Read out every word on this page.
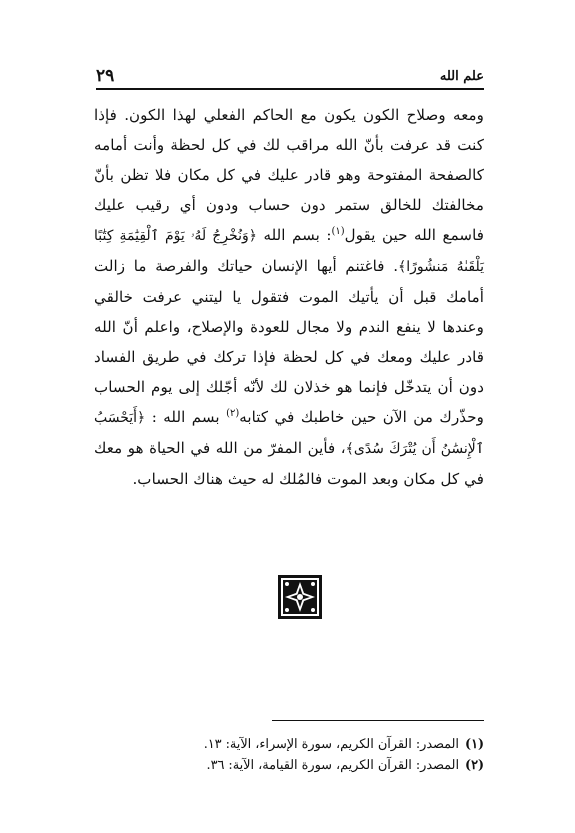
علم الله
٢٩
ومعه وصلاح الكون يكون مع الحاكم الفعلي لهذا الكون. فإذا كنت قد عرفت بأنّ الله مراقب لك في كل لحظة وأنت أمامه كالصفحة المفتوحة وهو قادر عليك في كل مكان فلا تظن بأنّ مخالفتك للخالق ستمر دون حساب ودون أي رقيب عليك فاسمع الله حين يقول$^{(١)}$: بسم الله ﴿وَنُخْرِجُ لَهُۥ يَوْمَ ٱلْقِيَٰمَةِ كِتَٰبًا يَلْقَىٰهُ مَنشُورًا﴾. فاغتنم أيها الإنسان حياتك والفرصة ما زالت أمامك قبل أن يأتيك الموت فتقول يا ليتني عرفت خالقي وعندها لا ينفع الندم ولا مجال للعودة والإصلاح، واعلم أنّ الله قادر عليك ومعك في كل لحظة فإذا تركك في طريق الفساد دون أن يتدخّل فإنما هو خذلان لك لأنّه أجّلك إلى يوم الحساب وحذّرك من الآن حين خاطبك في كتابه$^{(٢)}$ بسم الله : ﴿أَيَحْسَبُ ٱلْإِنسَٰنُ أَن يُتْرَكَ سُدًى﴾، فأين المفرّ من الله في الحياة هو معك في كل مكان وبعد الموت فالمُلك له حيث هناك الحساب.
(١)
المصدر: القرآن الكريم، سورة الإسراء، الآية: ١٣.
(٢)
المصدر: القرآن الكريم، سورة القيامة، الآية: ٣٦.
